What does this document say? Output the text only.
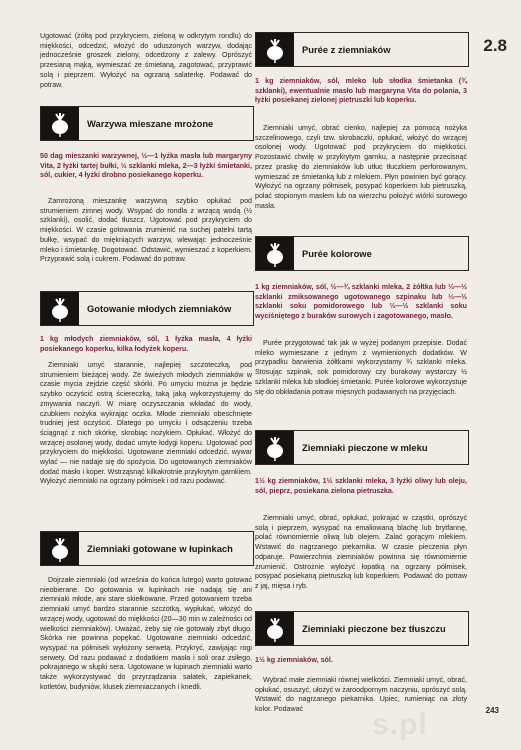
2.8
243
s.pl

Ugotować (żółtą pod przykryciem, zieloną w odkrytym rondlu) do miękkości, odcedzić, włożyć do uduszonych warzyw, dodając jednocześnie groszek zielony, odcedzony z zalewy. Oprószyć przesianą mąką, wymieszać ze śmietaną, zagotować, przyprawić solą i pieprzem. Wyłożyć na ogrzaną salaterkę. Podawać do potraw.

Warzywa mieszane mrożone

50 dag mieszanki warzywnej, ½—1 łyżka masła lub margaryny Vita, 2 łyżki tartej bułki, ½ szklanki mleka, 2—3 łyżki śmietanki, sól, cukier, 4 łyżki drobno posiekanego koperku.

Zamrożoną mieszankę warzywną szybko opłukać pod strumieniem zimnej wody. Wsypać do rondla z wrzącą wodą (½ szklanki), osolić, dodać tłuszcz. Ugotować pod przykryciem do miękkości. W czasie gotowania zrumienić na suchej patelni tartą bułkę, wsypać do miękniących warzyw, wlewając jednocześnie mleko i śmietankę. Dogotować. Odstawić, wymieszać z koperkiem. Przyprawić solą i cukrem. Podawać do potraw.

Gotowanie młodych ziemniaków

1 kg młodych ziemniaków, sól, 1 łyżka masła, 4 łyżki posiekanego koperku, kilka łodyżek koperu.

Ziemniaki umyć starannie, najlepiej szczoteczką, pod strumieniem bieżącej wody. Ze świeżych młodych ziemniaków w czasie mycia zejdzie część skórki. Po umyciu można je będzie szybko oczyścić ostrą ściereczką, taką jaką wykorzystujemy do zmywania naczyń. W miarę oczyszczania wkładać do wody, czubkiem nożyka wykrając oczka. Młode ziemniaki obeschnięte trudniej jest oczyścić. Dlatego po umyciu i odsączeniu trzeba ściągnąć z nich skórkę, skrobiąc nożykiem. Opłukać. Włożyć do wrzącej osolonej wody, dodać umyte łodygi koperu. Ugotować pod przykryciem do miękkości. Ugotowane ziemniaki odcedzić, wywar wylać — nie nadaje się do spożycia. Do ugotowanych ziemniaków dodać masło i koper. Wstrząsnąć kilkakrotnie przykrytym garnkiem. Wyłożyć ziemniaki na ogrzany półmisek i od razu podawać.

Ziemniaki gotowane w łupinkach

Dojrzałe ziemniaki (od września do końca lutego) warto gotować nieobierane. Do gotowania w łupinkach nie nadają się ani ziemniaki młode, ani stare skiełkowane. Przed gotowaniem trzeba ziemniaki umyć bardzo starannie szczotką, wypłukać, włożyć do wrzącej wody, ugotować do miękkości (20—30 min w zależności od wielkości ziemniaków). Uważać, żeby się nie gotowały zbyt długo. Skórka nie powinna popękać. Ugotowane ziemniaki odcedzić, wysypać na półmisek wyłożony serwetą. Przykryć, zawijając rogi serwety. Od razu podawać z dodatkiem masła i soli oraz zsiłego, pokrajanego w słupki sera. Ugotowane w łupinach ziemniaki warto także wykorzystywać do przyrządzania sałatek, zapiekanek, kotletów, budyniów, klusek ziemniaczanych i knedli.

Purée z ziemniaków

1 kg ziemniaków, sól, mleko lub słodka śmietanka (¾ szklanki), ewentualnie masło lub margaryna Vita do polania, 3 łyżki posiekanej zielonej pietruszki lub koperku.

Ziemniaki umyć, obrać cienko, najlepiej za pomocą nożyka szczelinowego, czyli tzw. skrobaczki, opłukać, włożyć do wrzącej osolonej wody. Ugotować pod przykryciem do miękkości. Pozostawić chwilę w przykrytym garnku, a następnie przecisnąć przez praskę do ziemniaków lub utłuc tłuczkiem perforowanym, wymieszać ze śmietanką lub z mlekiem. Płyn powinien być gorący. Wyłożyć na ogrzany półmisek, posypać koperkiem lub pietruszką, polać stopionym masłem lub na wierzchu położyć wiórki surowego masła.

Purée kolorowe

1 kg ziemniaków, sól, ½—¾ szklanki mleka, 2 żółtka lub ⅓—½ szklanki zmiksowanego ugotowanego szpinaku lub ⅓—½ szklanki soku pomidorowego lub ⅓—½ szklanki soku wyciśniętego z buraków surowych i zagotowanego, masło.

Purée przygotować tak jak w wyżej podanym przepisie. Dodać mleko wymieszane z jednym z wymienionych dodatków. W przypadku barwienia żółtkami wykorzystamy ¾ szklanki mleka. Stosując szpinak, sok pomidorowy czy burakowy wystarczy ½ szklanki mleka lub słodkiej śmietanki. Purée kolorowe wykorzystuje się do obkładania potraw mięsnych podawanych na przyjęciach.

Ziemniaki pieczone w mleku

1½ kg ziemniaków, 1½ szklanki mleka, 3 łyżki oliwy lub oleju, sól, pieprz, posiekana zielona pietruszka.

Ziemniaki umyć, obrać, opłukać, pokrajać w cząstki, oprószyć solą i pieprzem, wysypać na emaliowaną blachę lub brytfannę, polać równomiernie oliwą lub olejem. Zalać gorącym mlekiem. Wstawić do nagrzanego piekarnika. W czasie pieczenia płyn odparuje. Powierzchnia ziemniaków powinna się równomiernie zrumienić. Ostrożnie wyłożyć łopatką na ogrzany półmisek, posypać posiekaną pietruszką lub koperkiem. Podawać do potraw z jaj, mięsa i ryb.

Ziemniaki pieczone bez tłuszczu

1½ kg ziemniaków, sól.

Wybrać małe ziemniaki równej wielkości. Ziemniaki umyć, obrać, opłukać, osuszyć, ułożyć w żaroodpornym naczyniu, oprószyć solą. Wstawić do nagrzanego piekarnika. Upiec, rumieniąc na złoty kolor. Podawać
